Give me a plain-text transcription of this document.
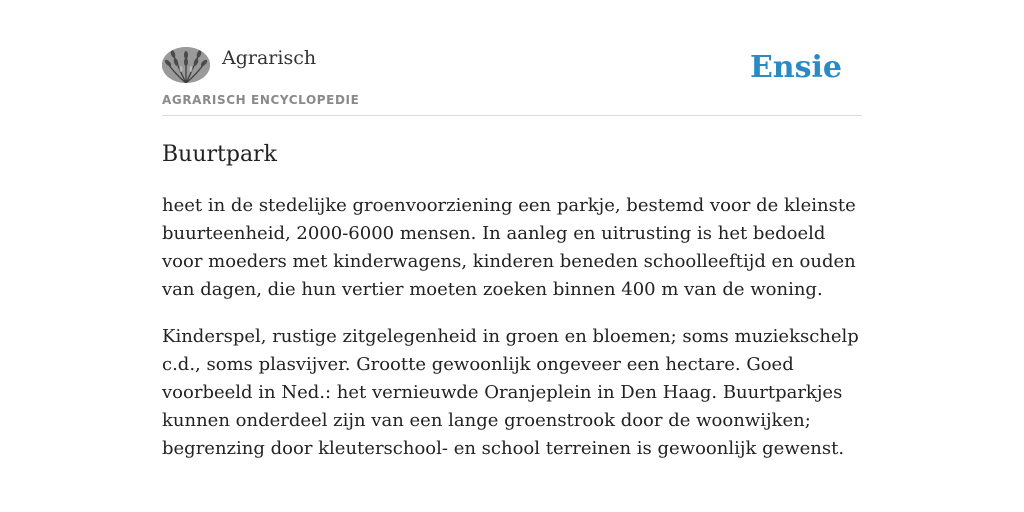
Agrarisch
AGRARISCH ENCYCLOPEDIE
Ensie
Buurtpark

heet in de stedelijke groenvoorziening een parkje, bestemd voor de kleinste buurteenheid, 2000-6000 mensen. In aanleg en uitrusting is het bedoeld voor moeders met kinderwagens, kinderen beneden schoolleeftijd en ouden van dagen, die hun vertier moeten zoeken binnen 400 m van de woning.

Kinderspel, rustige zitgelegenheid in groen en bloemen; soms muziekschelp c.d., soms plasvijver. Grootte gewoonlijk ongeveer een hectare. Goed voorbeeld in Ned.: het vernieuwde Oranjeplein in Den Haag. Buurtparkjes kunnen onderdeel zijn van een lange groenstrook door de woonwijken; begrenzing door kleuterschool- en school terreinen is gewoonlijk gewenst.
